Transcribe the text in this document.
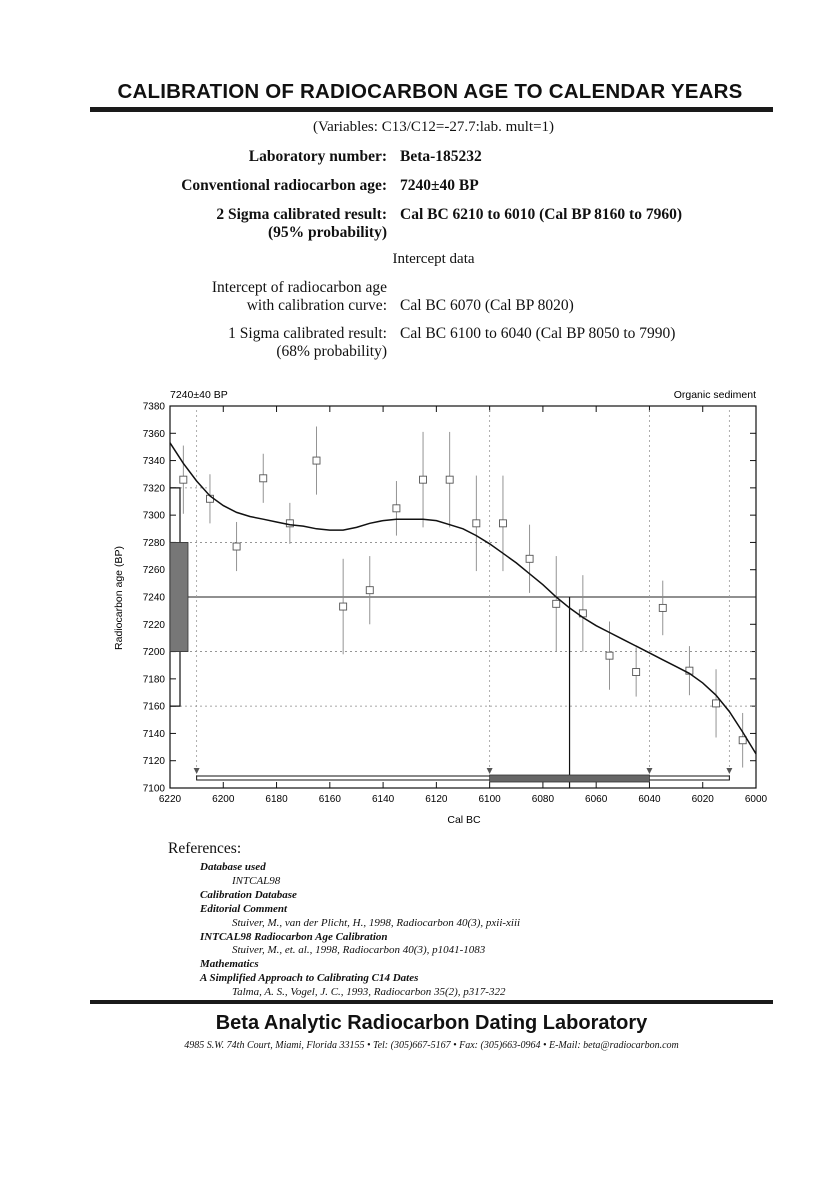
CALIBRATION OF RADIOCARBON AGE TO CALENDAR YEARS
(Variables: C13/C12=-27.7:lab. mult=1)
Laboratory number: Beta-185232
Conventional radiocarbon age: 7240±40 BP
2 Sigma calibrated result: Cal BC 6210 to 6010 (Cal BP 8160 to 7960)
(95% probability)
Intercept data
Intercept of radiocarbon age
with calibration curve: Cal BC 6070 (Cal BP 8020)
1 Sigma calibrated result: Cal BC 6100 to 6040 (Cal BP 8050 to 7990)
(68% probability)
7240±40 BP	Organic sediment
Cal BC
Radiocarbon age (BP)
6220	6200	6180	6160	6140	6120	6100	6080	6060	6040	6020	6000
7380
7360
7340
7320
7300
7280
7260
7240
7220
7200
7180
7160
7140
7120
7100
References:
Database used
INTCAL98
Calibration Database
Editorial Comment
Stuiver, M., van der Plicht, H., 1998, Radiocarbon 40(3), pxii-xiii
INTCAL98 Radiocarbon Age Calibration
Stuiver, M., et. al., 1998, Radiocarbon 40(3), p1041-1083
Mathematics
A Simplified Approach to Calibrating C14 Dates
Talma, A. S., Vogel, J. C., 1993, Radiocarbon 35(2), p317-322
Beta Analytic Radiocarbon Dating Laboratory
4985 S.W. 74th Court, Miami, Florida 33155 • Tel: (305)667-5167 • Fax: (305)663-0964 • E-Mail: beta@radiocarbon.com
